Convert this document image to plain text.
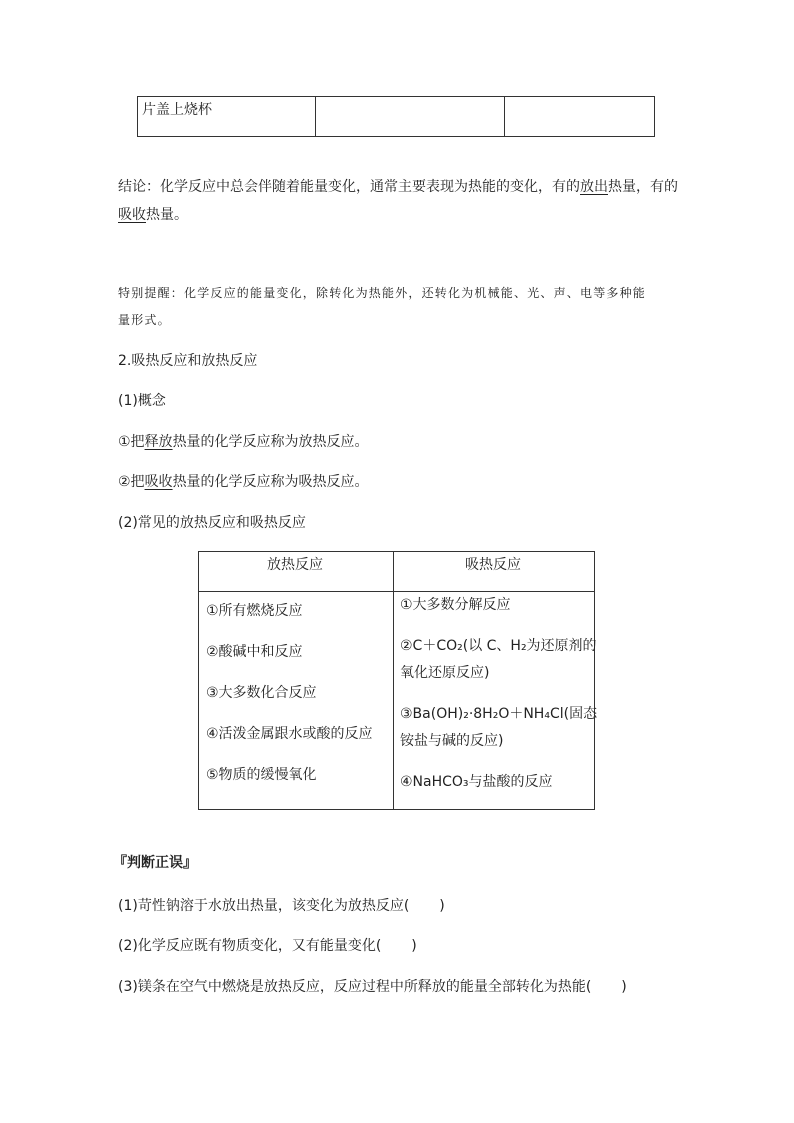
片盖上烧杯
结论：化学反应中总会伴随着能量变化，通常主要表现为热能的变化，有的放出热量，有的
吸收热量。
特别提醒：化学反应的能量变化，除转化为热能外，还转化为机械能、光、声、电等多种能
量形式。
2.吸热反应和放热反应
(1)概念
①把释放热量的化学反应称为放热反应。
②把吸收热量的化学反应称为吸热反应。
(2)常见的放热反应和吸热反应
放热反应	吸热反应
①所有燃烧反应
②酸碱中和反应
③大多数化合反应
④活泼金属跟水或酸的反应
⑤物质的缓慢氧化
①大多数分解反应
②C＋CO₂(以 C、H₂为还原剂的
氧化还原反应)
③Ba(OH)₂·8H₂O＋NH₄Cl(固态
铵盐与碱的反应)
④NaHCO₃与盐酸的反应
『判断正误』
(1)苛性钠溶于水放出热量，该变化为放热反应( )
(2)化学反应既有物质变化，又有能量变化( )
(3)镁条在空气中燃烧是放热反应，反应过程中所释放的能量全部转化为热能( )
